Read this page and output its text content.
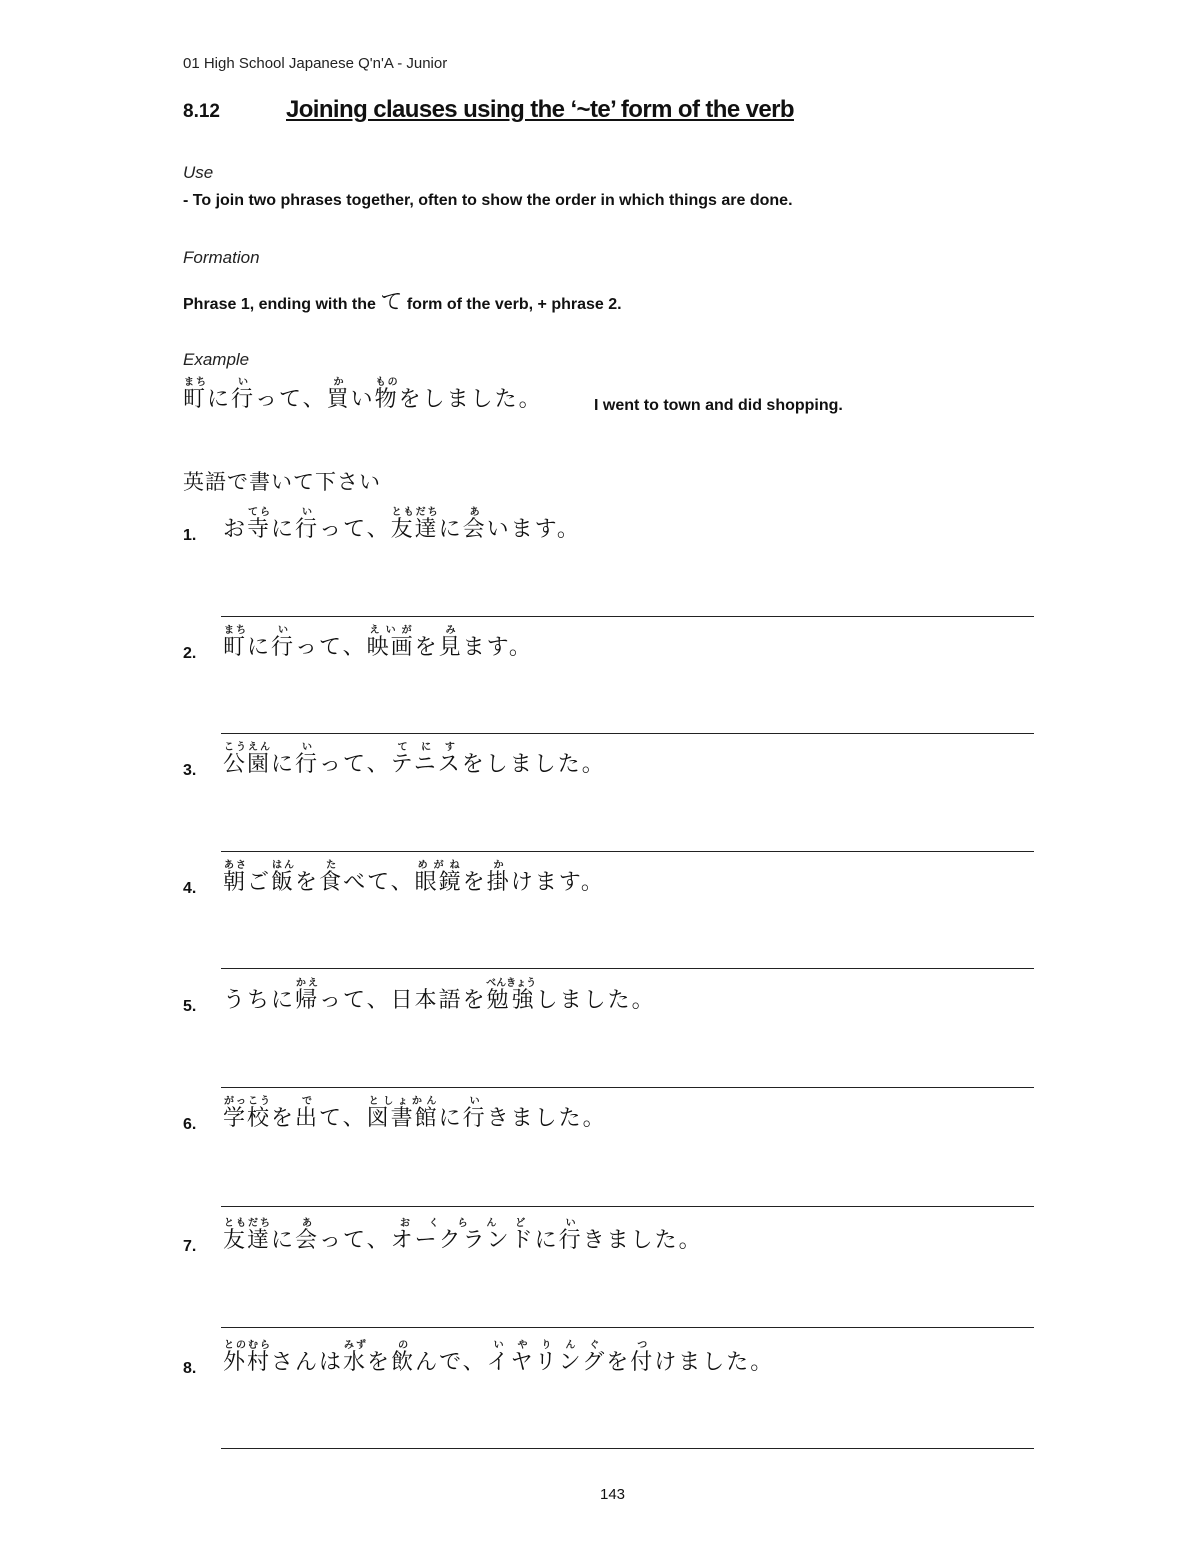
01 High School Japanese Q'n'A - Junior
8.12	Joining clauses using the ‘~te’ form of the verb
Use
- To join two phrases together, often to show the order in which things are done.
Formation
Phrase 1, ending with the て form of the verb, + phrase 2.
Example
町まちに行いって、買かい物ものをしました。	I went to town and did shopping.
英語で書いて下さい
1. お寺てらに行いって、友達ともだちに会あいます。
2. 町まちに行いって、映画えいがを見みます。
3. 公園こうえんに行いって、テニスてにすをしました。
4. 朝あさご飯はんを食たべて、眼鏡めがねを掛かけます。
5. うちに帰かえって、日本語を勉強べんきょうしました。
6. 学校がっこうを出でて、図書館としょかんに行いきました。
7. 友達ともだちに会あって、オークランドおくらんどに行いきました。
8. 外村とのむらさんは水みずを飲のんで、イヤリングいやりんぐを付つけました。
143
